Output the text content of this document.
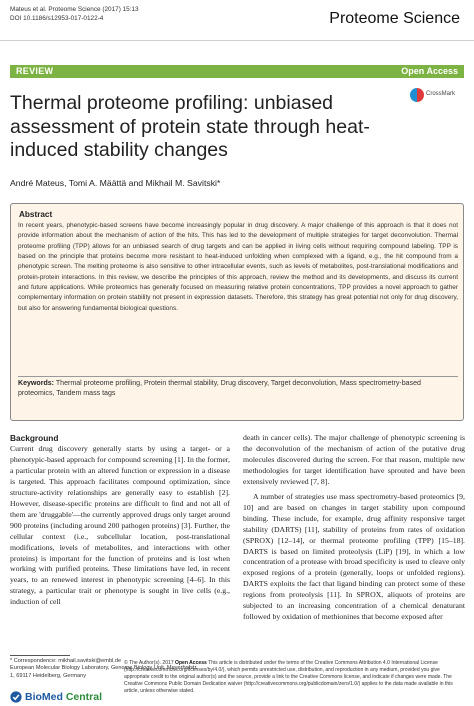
Mateus et al. Proteome Science (2017) 15:13
DOI 10.1186/s12953-017-0122-4	Proteome Science
REVIEW	Open Access
CrossMark
Thermal proteome profiling: unbiased assessment of protein state through heat-induced stability changes
André Mateus, Tomi A. Määttä and Mikhail M. Savitski*
Abstract
In recent years, phenotypic-based screens have become increasingly popular in drug discovery. A major challenge of this approach is that it does not provide information about the mechanism of action of the hits. This has led to the development of multiple strategies for target deconvolution. Thermal proteome profiling (TPP) allows for an unbiased search of drug targets and can be applied in living cells without requiring compound labeling. TPP is based on the principle that proteins become more resistant to heat-induced unfolding when complexed with a ligand, e.g., the hit compound from a phenotypic screen. The melting proteome is also sensitive to other intracellular events, such as levels of metabolites, post-translational modifications and protein-protein interactions. In this review, we describe the principles of this approach, review the method and its developments, and discuss its current and future applications. While proteomics has generally focused on measuring relative protein concentrations, TPP provides a novel approach to gather complementary information on protein stability not present in expression datasets. Therefore, this strategy has great potential not only for drug discovery, but also for answering fundamental biological questions.
Keywords: Thermal proteome profiling, Protein thermal stability, Drug discovery, Target deconvolution, Mass spectrometry-based proteomics, Tandem mass tags
Background

Current drug discovery generally starts by using a target- or a phenotypic-based approach for compound screening [1]. In the former, a particular protein with an altered function or expression in a disease is targeted. This approach facilitates compound optimization, since structure-activity relationships are generally easy to establish [2]. However, disease-specific proteins are difficult to find and not all of them are 'druggable'—the currently approved drugs only target around 900 proteins (including around 200 pathogen proteins) [3]. Further, the cellular context (i.e., subcellular location, post-translational modifications, levels of metabolites, and interactions with other proteins) is important for the function of proteins and is lost when working with purified proteins. These limitations have led, in recent years, to an renewed interest in phenotypic screening [4–6]. In this strategy, a particular trait or phenotype is sought in live cells (e.g., induction of cell

death in cancer cells). The major challenge of phenotypic screening is the deconvolution of the mechanism of action of the putative drug molecules discovered during the screen. For that reason, multiple new methodologies for target identification have sprouted and have been extensively reviewed [7, 8].

A number of strategies use mass spectrometry-based proteomics [9, 10] and are based on changes in target stability upon compound binding. These include, for example, drug affinity responsive target stability (DARTS) [11], stability of proteins from rates of oxidation (SPROX) [12–14], or thermal proteome profiling (TPP) [15–18]. DARTS is based on limited proteolysis (LiP) [19], in which a low concentration of a protease with broad specificity is used to cleave only exposed regions of a protein (generally, loops or unfolded regions). DARTS exploits the fact that ligand binding can protect some of these regions from proteolysis [11]. In SPROX, aliquots of proteins are subjected to an increasing concentration of a chemical denaturant followed by oxidation of methionines that become exposed after

* Correspondence: mikhail.savitski@embl.de
European Molecular Biology Laboratory, Genome Biology Unit, Meyerhofstr.
1, 69117 Heidelberg, Germany
BioMed Central
© The Author(s). 2017 Open Access This article is distributed under the terms of the Creative Commons Attribution 4.0 International License (http://creativecommons.org/licenses/by/4.0/), which permits unrestricted use, distribution, and reproduction in any medium, provided you give appropriate credit to the original author(s) and the source, provide a link to the Creative Commons license, and indicate if changes were made. The Creative Commons Public Domain Dedication waiver (http://creativecommons.org/publicdomain/zero/1.0/) applies to the data made available in this article, unless otherwise stated.
